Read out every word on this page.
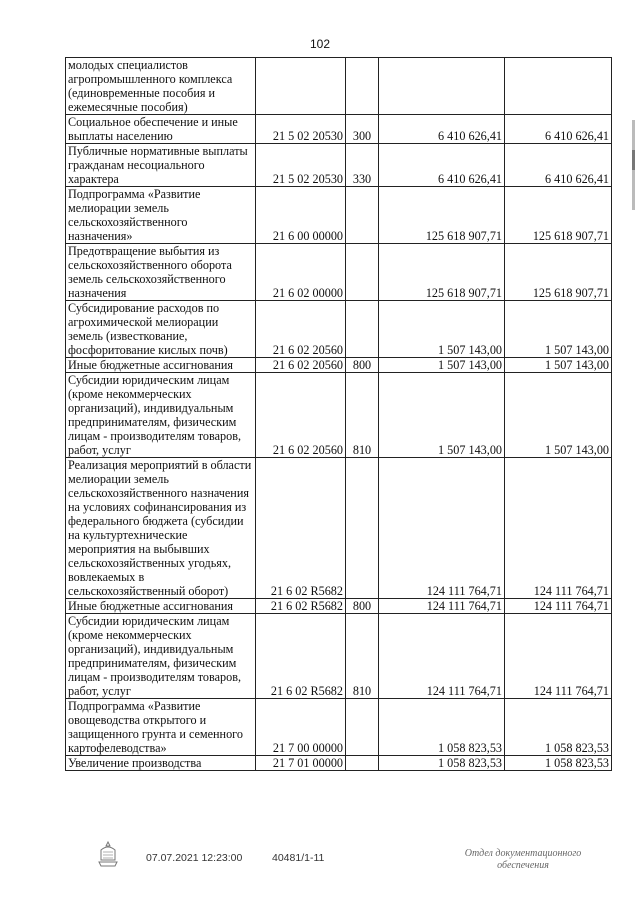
102
молодых специалистов агропромышленного комплекса (единовременные пособия и ежемесячные пособия)				
Социальное обеспечение и иные выплаты населению	21 5 02 20530	300	6 410 626,41	6 410 626,41
Публичные нормативные выплаты гражданам несоциального характера	21 5 02 20530	330	6 410 626,41	6 410 626,41
Подпрограмма «Развитие мелиорации земель сельскохозяйственного назначения»	21 6 00 00000		125 618 907,71	125 618 907,71
Предотвращение выбытия из сельскохозяйственного оборота земель сельскохозяйственного назначения	21 6 02 00000		125 618 907,71	125 618 907,71
Субсидирование расходов по агрохимической мелиорации земель (известкование, фосфоритование кислых почв)	21 6 02 20560		1 507 143,00	1 507 143,00
Иные бюджетные ассигнования	21 6 02 20560	800	1 507 143,00	1 507 143,00
Субсидии юридическим лицам (кроме некоммерческих организаций), индивидуальным предпринимателям, физическим лицам - производителям товаров, работ, услуг	21 6 02 20560	810	1 507 143,00	1 507 143,00
Реализация мероприятий в области мелиорации земель сельскохозяйственного назначения на условиях софинансирования из федерального бюджета (субсидии на культуртехнические мероприятия на выбывших сельскохозяйственных угодьях, вовлекаемых в сельскохозяйственный оборот)	21 6 02 R5682		124 111 764,71	124 111 764,71
Иные бюджетные ассигнования	21 6 02 R5682	800	124 111 764,71	124 111 764,71
Субсидии юридическим лицам (кроме некоммерческих организаций), индивидуальным предпринимателям, физическим лицам - производителям товаров, работ, услуг	21 6 02 R5682	810	124 111 764,71	124 111 764,71
Подпрограмма «Развитие овощеводства открытого и защищенного грунта и семенного картофелеводства»	21 7 00 00000		1 058 823,53	1 058 823,53
Увеличение производства	21 7 01 00000		1 058 823,53	1 058 823,53
07.07.2021 12:23:00	40481/1-11	Отдел документационного
обеспечения
